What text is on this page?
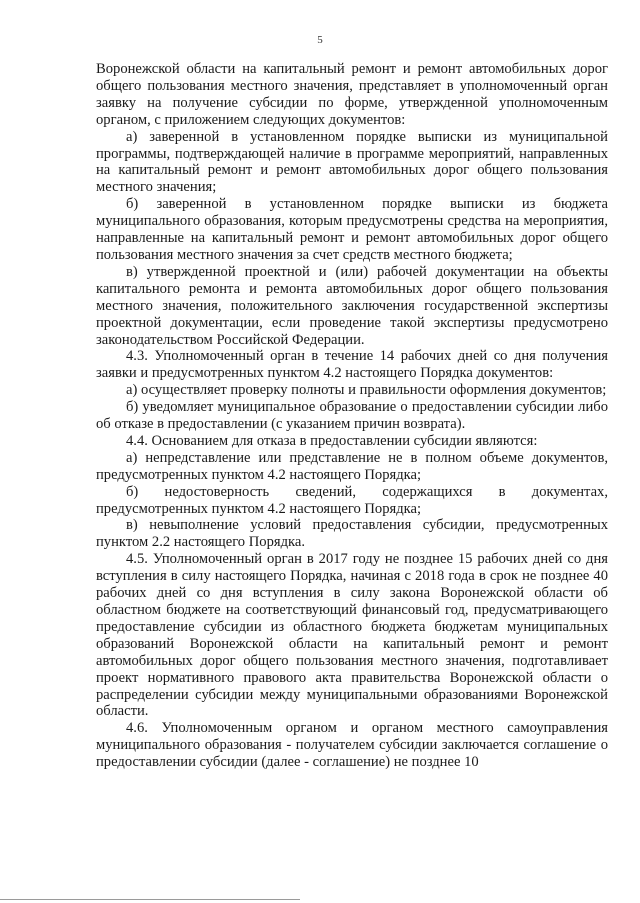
5

Воронежской области на капитальный ремонт и ремонт автомобильных дорог общего пользования местного значения, представляет в уполномоченный орган заявку на получение субсидии по форме, утвержденной уполномоченным органом, с приложением следующих документов:

а) заверенной в установленном порядке выписки из муниципальной программы, подтверждающей наличие в программе мероприятий, направленных на капитальный ремонт и ремонт автомобильных дорог общего пользования местного значения;

б) заверенной в установленном порядке выписки из бюджета муниципального образования, которым предусмотрены средства на мероприятия, направленные на капитальный ремонт и ремонт автомобильных дорог общего пользования местного значения за счет средств местного бюджета;

в) утвержденной проектной и (или) рабочей документации на объекты капитального ремонта и ремонта автомобильных дорог общего пользования местного значения, положительного заключения государственной экспертизы проектной документации, если проведение такой экспертизы предусмотрено законодательством Российской Федерации.

4.3. Уполномоченный орган в течение 14 рабочих дней со дня получения заявки и предусмотренных пунктом 4.2 настоящего Порядка документов:

а) осуществляет проверку полноты и правильности оформления документов;

б) уведомляет муниципальное образование о предоставлении субсидии либо об отказе в предоставлении (с указанием причин возврата).

4.4. Основанием для отказа в предоставлении субсидии являются:

а) непредставление или представление не в полном объеме документов, предусмотренных пунктом 4.2 настоящего Порядка;

б) недостоверность сведений, содержащихся в документах, предусмотренных пунктом 4.2 настоящего Порядка;

в) невыполнение условий предоставления субсидии, предусмотренных пунктом 2.2 настоящего Порядка.

4.5. Уполномоченный орган в 2017 году не позднее 15 рабочих дней со дня вступления в силу настоящего Порядка, начиная с 2018 года в срок не позднее 40 рабочих дней со дня вступления в силу закона Воронежской области об областном бюджете на соответствующий финансовый год, предусматривающего предоставление субсидии из областного бюджета бюджетам муниципальных образований Воронежской области на капитальный ремонт и ремонт автомобильных дорог общего пользования местного значения, подготавливает проект нормативного правового акта правительства Воронежской области о распределении субсидии между муниципальными образованиями Воронежской области.

4.6. Уполномоченным органом и органом местного самоуправления муниципального образования - получателем субсидии заключается соглашение о предоставлении субсидии (далее - соглашение) не позднее 10
